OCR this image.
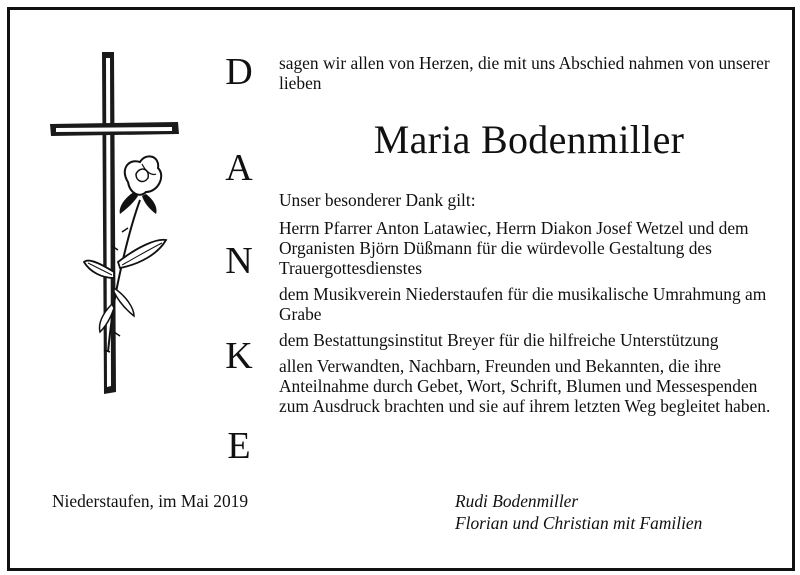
D
A
N
K
E
sagen wir allen von Herzen, die mit uns Abschied nahmen von unserer lieben
Maria Bodenmiller

Unser besonderer Dank gilt:

Herrn Pfarrer Anton Latawiec, Herrn Diakon Josef Wetzel und dem Organisten Björn Düßmann für die würdevolle Gestaltung des Trauergottesdienstes

dem Musikverein Niederstaufen für die musikalische Umrahmung am Grabe

dem Bestattungsinstitut Breyer für die hilfreiche Unterstützung

allen Verwandten, Nachbarn, Freunden und Bekannten, die ihre Anteilnahme durch Gebet, Wort, Schrift, Blumen und Messespenden zum Ausdruck brachten und sie auf ihrem letzten Weg begleitet haben.

Niederstaufen, im Mai 2019	Rudi Bodenmiller
Florian und Christian mit Familien
